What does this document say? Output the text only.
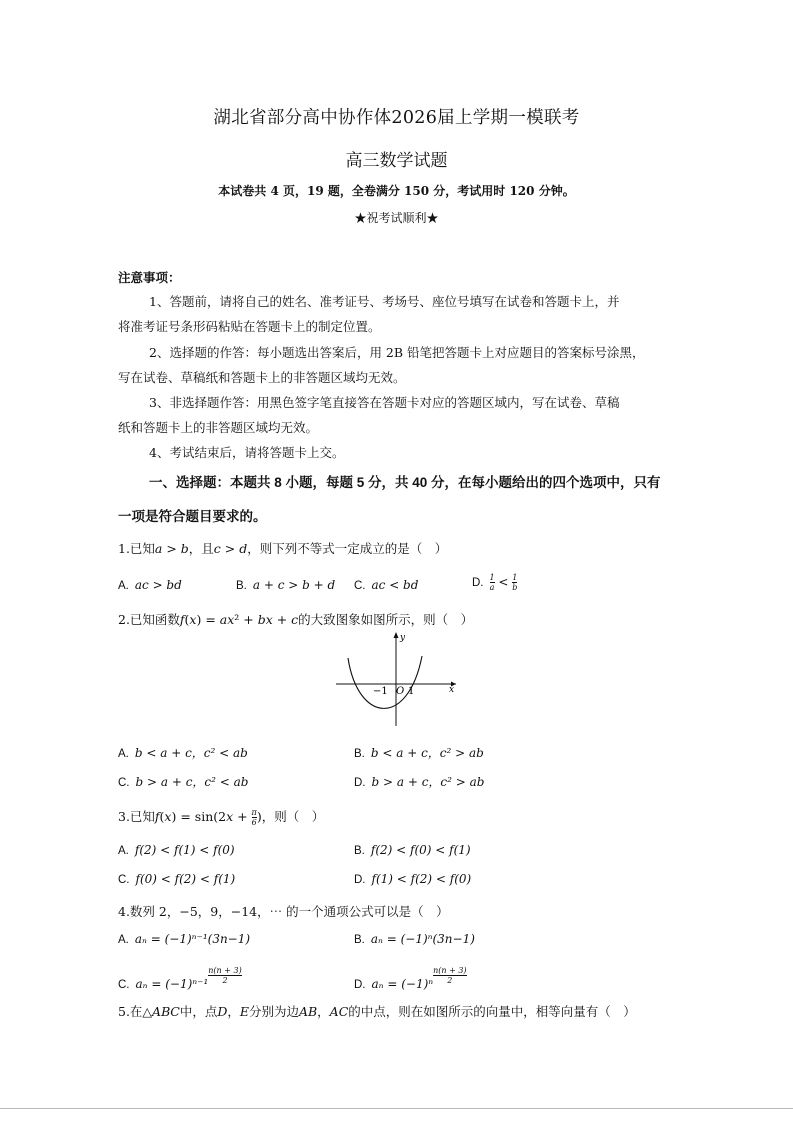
湖北省部分高中协作体2026届上学期一模联考
高三数学试题
本试卷共 4 页，19 题，全卷满分 150 分，考试用时 120 分钟。
★祝考试顺利★
注意事项：
1、答题前，请将自己的姓名、准考证号、考场号、座位号填写在试卷和答题卡上，并
将准考证号条形码粘贴在答题卡上的制定位置。
2、选择题的作答：每小题选出答案后，用 2B 铅笔把答题卡上对应题目的答案标号涂黑，
写在试卷、草稿纸和答题卡上的非答题区域均无效。
3、非选择题作答：用黑色签字笔直接答在答题卡对应的答题区域内，写在试卷、草稿
纸和答题卡上的非答题区域均无效。
4、考试结束后，请将答题卡上交。
一、选择题：本题共 8 小题，每题 5 分，共 40 分，在每小题给出的四个选项中，只有
一项是符合题目要求的。
1.已知𝑎 > 𝑏，且𝑐 > 𝑑，则下列不等式一定成立的是（　）
A. 𝑎𝑐 > 𝑏𝑑	B. 𝑎 + 𝑐 > 𝑏 + 𝑑 C. 𝑎𝑐 < 𝑏𝑑	D. $\frac{1}{\text{𝑎}} < \frac{1}{\text{𝑏}}$
2.已知函数𝑓(𝑥) = 𝑎𝑥² + 𝑏𝑥 + 𝑐的大致图象如图所示，则（　）
y
x
O
−1 1
A. 𝑏 < 𝑎 + 𝑐，𝑐² < 𝑎𝑏	B. 𝑏 < 𝑎 + 𝑐，𝑐² > 𝑎𝑏
C. 𝑏 > 𝑎 + 𝑐，𝑐² < 𝑎𝑏	D. 𝑏 > 𝑎 + 𝑐，𝑐² > 𝑎𝑏
3.已知𝑓(𝑥) = sin(2𝑥 + $\frac{\pi}{6}$ )，则（　）
A. 𝑓(2) < 𝑓(1) < 𝑓(0)	B. 𝑓(2) < 𝑓(0) < 𝑓(1)
C. 𝑓(0) < 𝑓(2) < 𝑓(1)	D. 𝑓(1) < 𝑓(2) < 𝑓(0)
4.数列 2，−5，9，−14，⋯ 的一个通项公式可以是（　）
A. 𝑎ₙ = (−1)ⁿ⁻¹(3𝑛−1)	B. 𝑎ₙ = (−1)ⁿ(3𝑛−1)
C. 𝑎ₙ = $(-1)^{n-1} \frac{n(n + 3)}{2}$	D. 𝑎ₙ = $(-1)^n \frac{n(n + 3)}{2}$
5.在△𝐴𝐵𝐶中，点𝐷，𝐸分别为边𝐴𝐵，𝐴𝐶的中点，则在如图所示的向量中，相等向量有（　）
